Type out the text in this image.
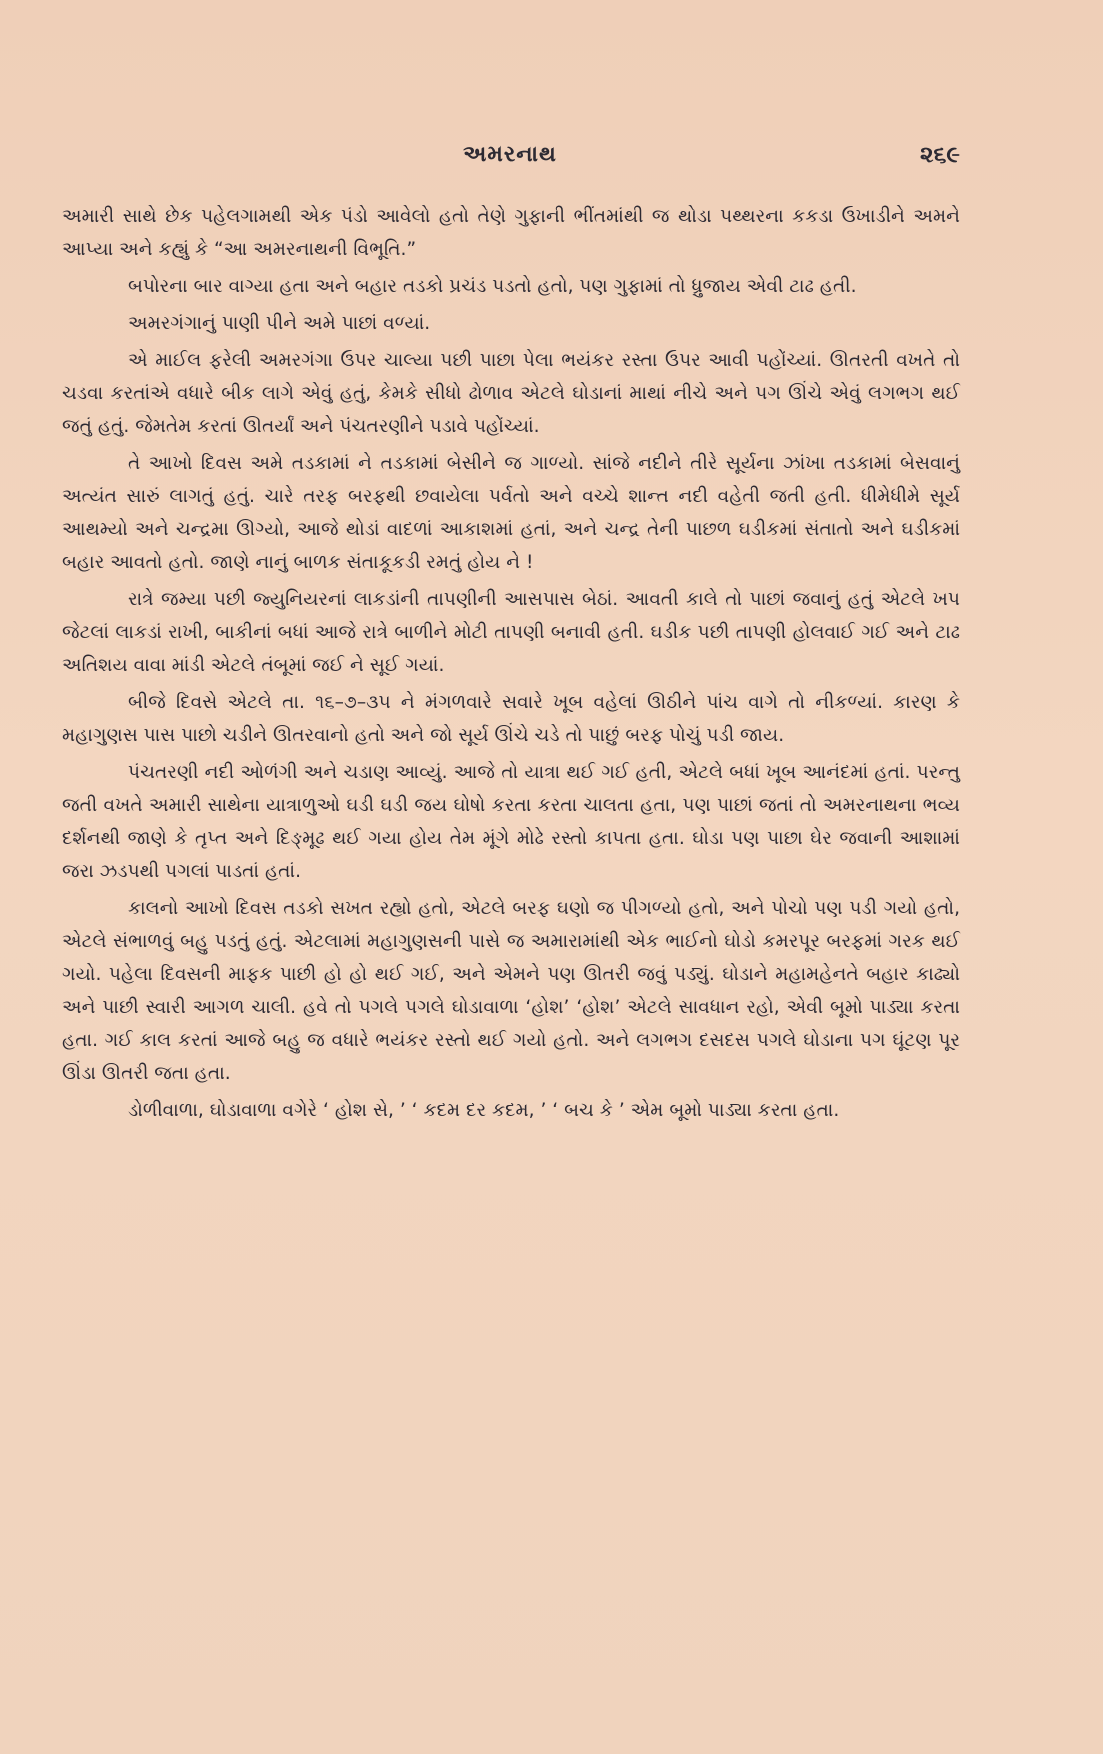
અમરનાથ	૨૬૯

અમારી સાથે છેક પહેલગામથી એક પંડો આવેલો હતો તેણે ગુફાની ભીંતમાંથી જ થોડા પથ્થરના કકડા ઉખાડીને અમને આપ્યા અને કહ્યું કે “આ અમરનાથની વિભૂતિ.”

બપોરના બાર વાગ્યા હતા અને બહાર તડકો પ્રચંડ પડતો હતો, પણ ગુફામાં તો ધ્રુજાય એવી ટાઢ હતી.

અમરગંગાનું પાણી પીને અમે પાછાં વળ્યાં.

એ માઈલ ફરેલી અમરગંગા ઉપર ચાલ્યા પછી પાછા પેલા ભયંકર રસ્તા ઉપર આવી પહોંચ્યાં. ઊતરતી વખતે તો ચડવા કરતાંએ વધારે બીક લાગે એવું હતું, કેમકે સીધો ઢોળાવ એટલે ઘોડાનાં માથાં નીચે અને પગ ઊંચે એવું લગભગ થઈ જતું હતું. જેમતેમ કરતાં ઊતર્યાં અને પંચતરણીને પડાવે પહોંચ્યાં.

તે આખો દિવસ અમે તડકામાં ને તડકામાં બેસીને જ ગાળ્યો. સાંજે નદીને તીરે સૂર્યના ઝાંખા તડકામાં બેસવાનું અત્યંત સારું લાગતું હતું. ચારે તરફ બરફથી છવાયેલા પર્વતો અને વચ્ચે શાન્ત નદી વહેતી જતી હતી. ધીમેધીમે સૂર્ય આથમ્યો અને ચન્દ્રમા ઊગ્યો, આજે થોડાં વાદળાં આકાશમાં હતાં, અને ચન્દ્ર તેની પાછળ ઘડીકમાં સંતાતો અને ઘડીકમાં બહાર આવતો હતો. જાણે નાનું બાળક સંતાકૂકડી રમતું હોય ને !

રાત્રે જમ્યા પછી જ્યુનિયરનાં લાકડાંની તાપણીની આસપાસ બેઠાં. આવતી કાલે તો પાછાં જવાનું હતું એટલે ખપ જેટલાં લાકડાં રાખી, બાકીનાં બધાં આજે રાત્રે બાળીને મોટી તાપણી બનાવી હતી. ઘડીક પછી તાપણી હોલવાઈ ગઈ અને ટાઢ અતિશય વાવા માંડી એટલે તંબૂમાં જઈ ને સૂઈ ગયાં.

બીજે દિવસે એટલે તા. ૧૬–૭–૩૫ ને મંગળવારે સવારે ખૂબ વહેલાં ઊઠીને પાંચ વાગે તો નીકળ્યાં. કારણ કે મહાગુણસ પાસ પાછો ચડીને ઊતરવાનો હતો અને જો સૂર્ય ઊંચે ચડે તો પાછું બરફ પોચું પડી જાય.

પંચતરણી નદી ઓળંગી અને ચડાણ આવ્યું. આજે તો યાત્રા થઈ ગઈ હતી, એટલે બધાં ખૂબ આનંદમાં હતાં. પરન્તુ જતી વખતે અમારી સાથેના યાત્રાળુઓ ઘડી ઘડી જય ઘોષો કરતા કરતા ચાલતા હતા, પણ પાછાં જતાં તો અમરનાથના ભવ્ય દર્શનથી જાણે કે તૃપ્ત અને દિઙ્મૂઢ થઈ ગયા હોય તેમ મૂંગે મોઢે રસ્તો કાપતા હતા. ઘોડા પણ પાછા ઘેર જવાની આશામાં જરા ઝડપથી પગલાં પાડતાં હતાં.

કાલનો આખો દિવસ તડકો સખત રહ્યો હતો, એટલે બરફ ઘણો જ પીગળ્યો હતો, અને પોચો પણ પડી ગયો હતો, એટલે સંભાળવું બહુ પડતું હતું. એટલામાં મહાગુણસની પાસે જ અમારામાંથી એક ભાઈનો ઘોડો કમરપૂર બરફમાં ગરક થઈ ગયો. પહેલા દિવસની માફક પાછી હો હો થઈ ગઈ, અને એમને પણ ઊતરી જવું પડ્યું. ઘોડાને મહામહેનતે બહાર કાઢ્યો અને પાછી સ્વારી આગળ ચાલી. હવે તો પગલે પગલે ઘોડાવાળા ‘હોશ’ ‘હોશ’ એટલે સાવધાન રહો, એવી બૂમો પાડ્યા કરતા હતા. ગઈ કાલ કરતાં આજે બહુ જ વધારે ભયંકર રસ્તો થઈ ગયો હતો. અને લગભગ દસદસ પગલે ઘોડાના પગ ઘૂંટણ પૂર ઊંડા ઊતરી જતા હતા.

ડોળીવાળા, ઘોડાવાળા વગેરે ‘ હોશ સે, ’ ‘ કદમ દર કદમ, ’ ‘ બચ કે ’ એમ બૂમો પાડ્યા કરતા હતા.
